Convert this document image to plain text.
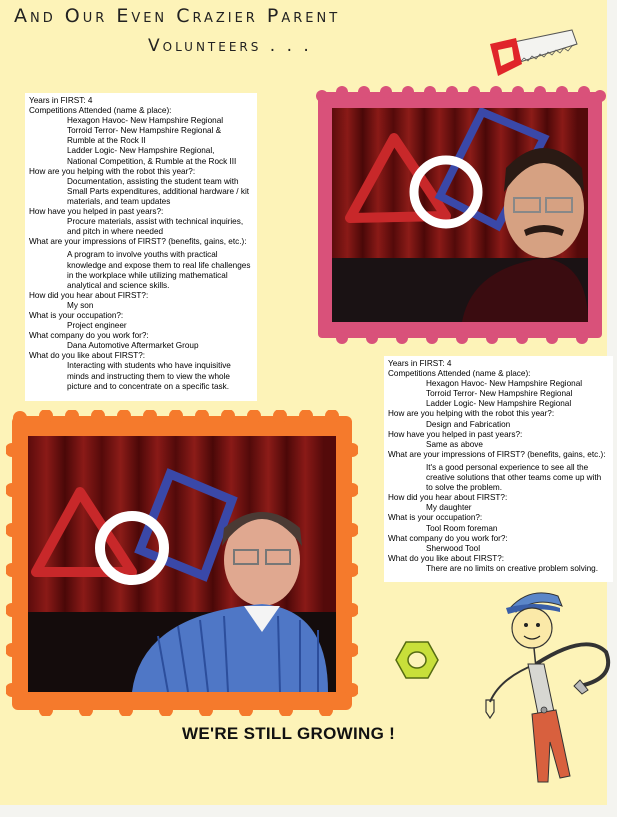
And Our Even Crazier Parent
Volunteers . . .
Years in FIRST: 4
Competitions Attended (name & place):
Hexagon Havoc- New Hampshire Regional
Torroid Terror- New Hampshire Regional &
Rumble at the Rock II
Ladder Logic- New Hampshire Regional,
National Competition, & Rumble at the Rock III
How are you helping with the robot this year?:
Documentation, assisting the student team with Small Parts expenditures, additional hardware / kit materials, and team updates
How have you helped in past years?:
Procure materials, assist with technical inquiries, and pitch in where needed
What are your impressions of FIRST? (benefits, gains, etc.):
A program to involve youths with practical knowledge and expose them to real life challenges in the workplace while utilizing mathematical analytical and science skills.
How did you hear about FIRST?:
My son
What is your occupation?:
Project engineer
What company do you work for?:
Dana Automotive Aftermarket Group
What do you like about FIRST?:
Interacting with students who have inquisitive minds and instructing them to view the whole picture and to concentrate on a specific task.
Years in FIRST: 4
Competitions Attended (name & place):
Hexagon Havoc- New Hampshire Regional
Torroid Terror- New Hampshire Regional
Ladder Logic- New Hampshire Regional
How are you helping with the robot this year?:
Design and Fabrication
How have you helped in past years?:
Same as above
What are your impressions of FIRST? (benefits, gains, etc.):
It's a good personal experience to see all the creative solutions that other teams come up with to solve the problem.
How did you hear about FIRST?:
My daughter
What is your occupation?:
Tool Room foreman
What company do you work for?:
Sherwood Tool
What do you like about FIRST?:
There are no limits on creative problem solving.
WE'RE STILL GROWING !
